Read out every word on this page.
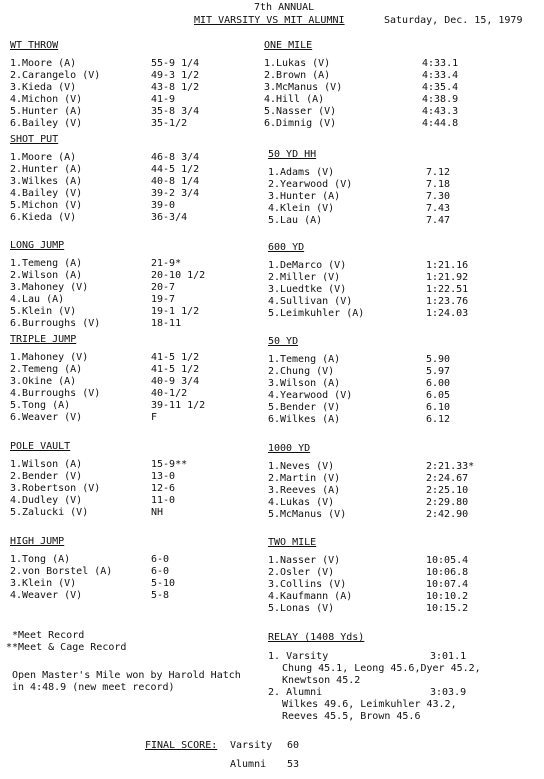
7th ANNUAL
MIT VARSITY VS MIT ALUMNI	Saturday, Dec. 15, 1979
WT THROW
1. Moore (A)	55-9 1/4
2. Carangelo (V)	49-3 1/2
3. Kieda (V)	43-8 1/2
4. Michon (V)	41-9
5. Hunter (A)	35-8 3/4
6. Bailey (V)	35-1/2
SHOT PUT
1. Moore (A)	46-8 3/4
2. Hunter (A)	44-5 1/2
3. Wilkes (A)	40-8 1/4
4. Bailey (V)	39-2 3/4
5. Michon (V)	39-0
6. Kieda (V)	36-3/4
LONG JUMP
1. Temeng (A)	21-9*
2. Wilson (A)	20-10 1/2
3. Mahoney (V)	20-7
4. Lau (A)	19-7
5. Klein (V)	19-1 1/2
6. Burroughs (V)	18-11
TRIPLE JUMP
1. Mahoney (V)	41-5 1/2
2. Temeng (A)	41-5 1/2
3. Okine (A)	40-9 3/4
4. Burroughs (V)	40-1/2
5. Tong (A)	39-11 1/2
6. Weaver (V)	F
POLE VAULT
1. Wilson (A)	15-9**
2. Bender (V)	13-0
3. Robertson (V)	12-6
4. Dudley (V)	11-0
5. Zalucki (V)	NH
HIGH JUMP
1. Tong (A)	6-0
2. von Borstel (A)	6-0
3. Klein (V)	5-10
4. Weaver (V)	5-8
ONE MILE
1. Lukas (V)	4:33.1
2. Brown (A)	4:33.4
3. McManus (V)	4:35.4
4. Hill (A)	4:38.9
5. Nasser (V)	4:43.3
6. Dimnig (V)	4:44.8
50 YD HH
1. Adams (V)	7.12
2. Yearwood (V)	7.18
3. Hunter (A)	7.30
4. Klein (V)	7.43
5. Lau (A)	7.47
600 YD
1. DeMarco (V)	1:21.16
2. Miller (V)	1:21.92
3. Luedtke (V)	1:22.51
4. Sullivan (V)	1:23.76
5. Leimkuhler (A)	1:24.03
50 YD
1. Temeng (A)	5.90
2. Chung (V)	5.97
3. Wilson (A)	6.00
4. Yearwood (V)	6.05
5. Bender (V)	6.10
6. Wilkes (A)	6.12
1000 YD
1. Neves (V)	2:21.33*
2. Martin (V)	2:24.67
3. Reeves (A)	2:25.10
4. Lukas (V)	2:29.80
5. McManus (V)	2:42.90
TWO MILE
1. Nasser (V)	10:05.4
2. Osler (V)	10:06.8
3. Collins (V)	10:07.4
4. Kaufmann (A)	10:10.2
5. Lonas (V)	10:15.2
RELAY (1408 Yds)
1. Varsity	3:01.1
Chung 45.1, Leong 45.6,Dyer 45.2,
Knewtson 45.2
2. Alumni	3:03.9
Wilkes 49.6, Leimkuhler 43.2,
Reeves 45.5, Brown 45.6
*Meet Record
**Meet & Cage Record
Open Master's Mile won by Harold Hatch
in 4:48.9 (new meet record)
FINAL SCORE: Varsity 60
Alumni 53
